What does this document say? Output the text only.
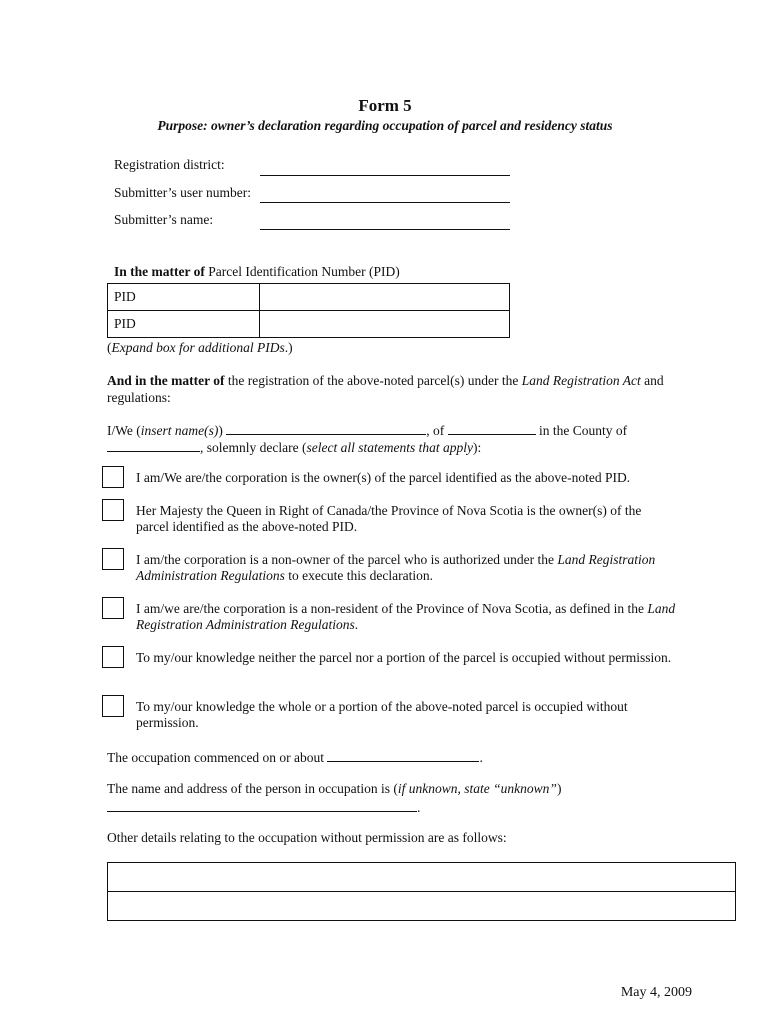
Form 5
Purpose: owner’s declaration regarding occupation of parcel and residency status
Registration district:
Submitter’s user number:
Submitter’s name:
In the matter of Parcel Identification Number (PID)
PID	
PID	
(Expand box for additional PIDs.)
And in the matter of the registration of the above-noted parcel(s) under the Land Registration Act and regulations:
I/We (insert name(s))	, of	in the County of
, solemnly declare (select all statements that apply):
I am/We are/the corporation is the owner(s) of the parcel identified as the above-noted PID.
Her Majesty the Queen in Right of Canada/the Province of Nova Scotia is the owner(s) of the parcel identified as the above-noted PID.
I am/the corporation is a non-owner of the parcel who is authorized under the Land Registration Administration Regulations to execute this declaration.
I am/we are/the corporation is a non-resident of the Province of Nova Scotia, as defined in the Land Registration Administration Regulations.
To my/our knowledge neither the parcel nor a portion of the parcel is occupied without permission.
To my/our knowledge the whole or a portion of the above-noted parcel is occupied without permission.
The occupation commenced on or about	.
The name and address of the person in occupation is (if unknown, state “unknown”)
.
Other details relating to the occupation without permission are as follows:

May 4, 2009
